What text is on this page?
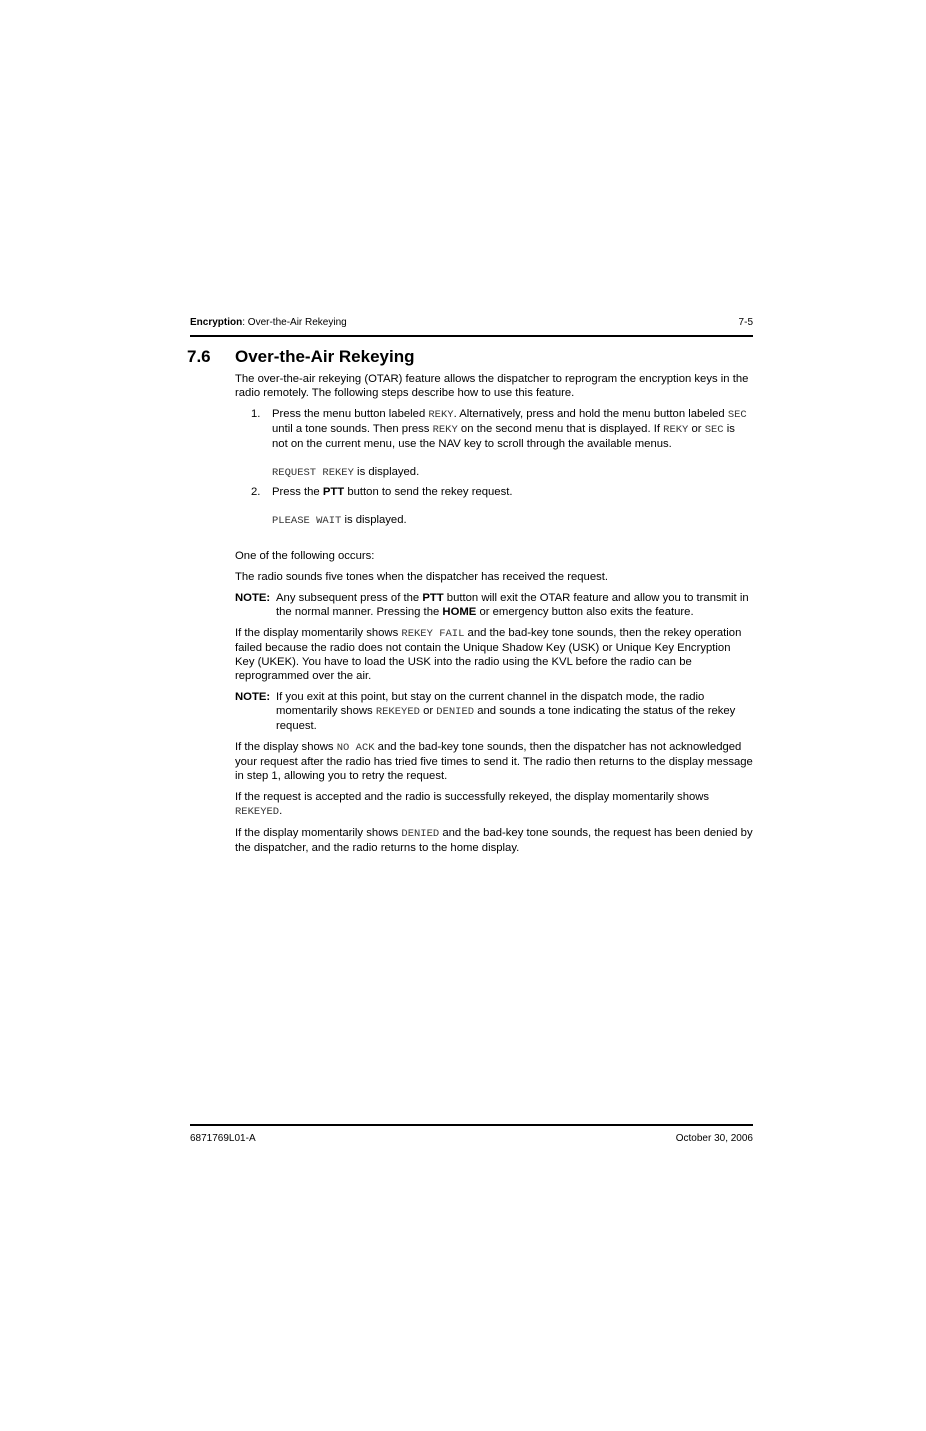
Encryption: Over-the-Air Rekeying	7-5
7.6 Over-the-Air Rekeying

The over-the-air rekeying (OTAR) feature allows the dispatcher to reprogram the encryption keys in the radio remotely. The following steps describe how to use this feature.

1. Press the menu button labeled REKY. Alternatively, press and hold the menu button labeled SEC until a tone sounds. Then press REKY on the second menu that is displayed. If REKY or SEC is not on the current menu, use the NAV key to scroll through the available menus.

REQUEST REKEY is displayed.

2. Press the PTT button to send the rekey request.

PLEASE WAIT is displayed.

One of the following occurs:

The radio sounds five tones when the dispatcher has received the request.

NOTE: Any subsequent press of the PTT button will exit the OTAR feature and allow you to transmit in the normal manner. Pressing the HOME or emergency button also exits the feature.

If the display momentarily shows REKEY FAIL and the bad-key tone sounds, then the rekey operation failed because the radio does not contain the Unique Shadow Key (USK) or Unique Key Encryption Key (UKEK). You have to load the USK into the radio using the KVL before the radio can be reprogrammed over the air.

NOTE: If you exit at this point, but stay on the current channel in the dispatch mode, the radio momentarily shows REKEYED or DENIED and sounds a tone indicating the status of the rekey request.

If the display shows NO ACK and the bad-key tone sounds, then the dispatcher has not acknowledged your request after the radio has tried five times to send it. The radio then returns to the display message in step 1, allowing you to retry the request.

If the request is accepted and the radio is successfully rekeyed, the display momentarily shows REKEYED.

If the display momentarily shows DENIED and the bad-key tone sounds, the request has been denied by the dispatcher, and the radio returns to the home display.

6871769L01-A	October 30, 2006
